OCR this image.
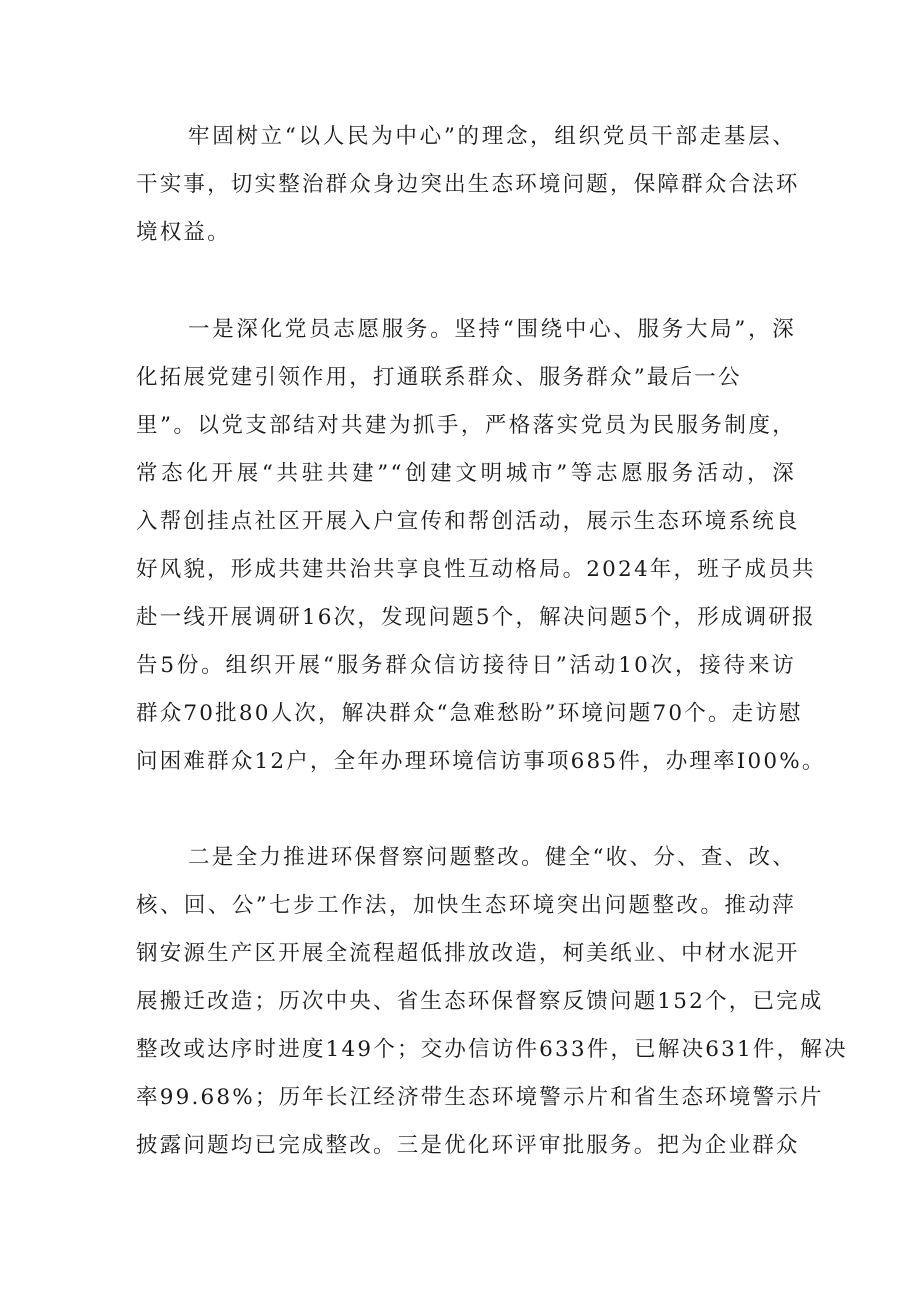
牢固树立“以人民为中心”的理念，组织党员干部走基层、
干实事，切实整治群众身边突出生态环境问题，保障群众合法环
境权益。
一是深化党员志愿服务。坚持“围绕中心、服务大局”，深
化拓展党建引领作用，打通联系群众、服务群众”最后一公
里”。以党支部结对共建为抓手，严格落实党员为民服务制度，
常态化开展“共驻共建”“创建文明城市”等志愿服务活动，深
入帮创挂点社区开展入户宣传和帮创活动，展示生态环境系统良
好风貌，形成共建共治共享良性互动格局。2024年，班子成员共
赴一线开展调研16次，发现问题5个，解决问题5个，形成调研报
告5份。组织开展“服务群众信访接待日”活动10次，接待来访
群众70批80人次，解决群众“急难愁盼”环境问题70个。走访慰
问困难群众12户，全年办理环境信访事项685件，办理率I00%。
二是全力推进环保督察问题整改。健全“收、分、查、改、
核、回、公”七步工作法，加快生态环境突出问题整改。推动萍
钢安源生产区开展全流程超低排放改造，柯美纸业、中材水泥开
展搬迁改造；历次中央、省生态环保督察反馈问题152个，已完成
整改或达序时进度149个；交办信访件633件，已解决631件，解决
率99.68%；历年长江经济带生态环境警示片和省生态环境警示片
披露问题均已完成整改。三是优化环评审批服务。把为企业群众
